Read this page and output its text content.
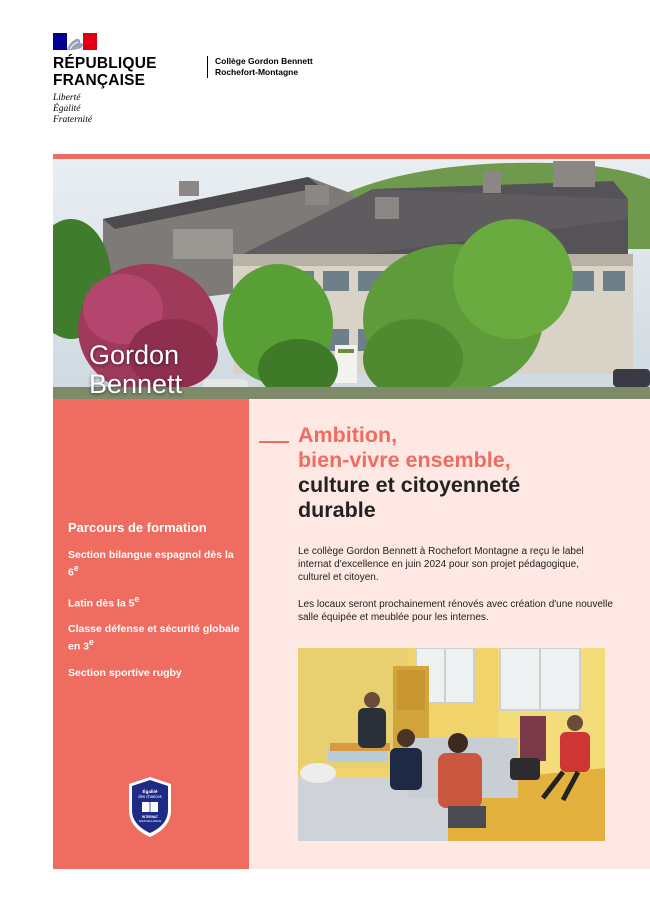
RÉPUBLIQUE
FRANÇAISE
Liberté
Égalité
Fraternité
Collège Gordon Bennett
Rochefort-Montagne
Gordon
Bennett
Parcours de formation
Section bilangue espagnol dès la 6e
Latin dès la 5e
Classe défense et sécurité globale en 3e
Section sportive rugby
Égalité
des chances
INTERNAT
D'EXCELLENCE
Ambition,
bien-vivre ensemble,
culture et citoyenneté
durable

Le collège Gordon Bennett à Rochefort Montagne a reçu le label internat d'excellence en juin 2024 pour son projet pédagogique, culturel et citoyen.

Les locaux seront prochainement rénovés avec création d'une nouvelle salle équipée et meublée pour les internes.
